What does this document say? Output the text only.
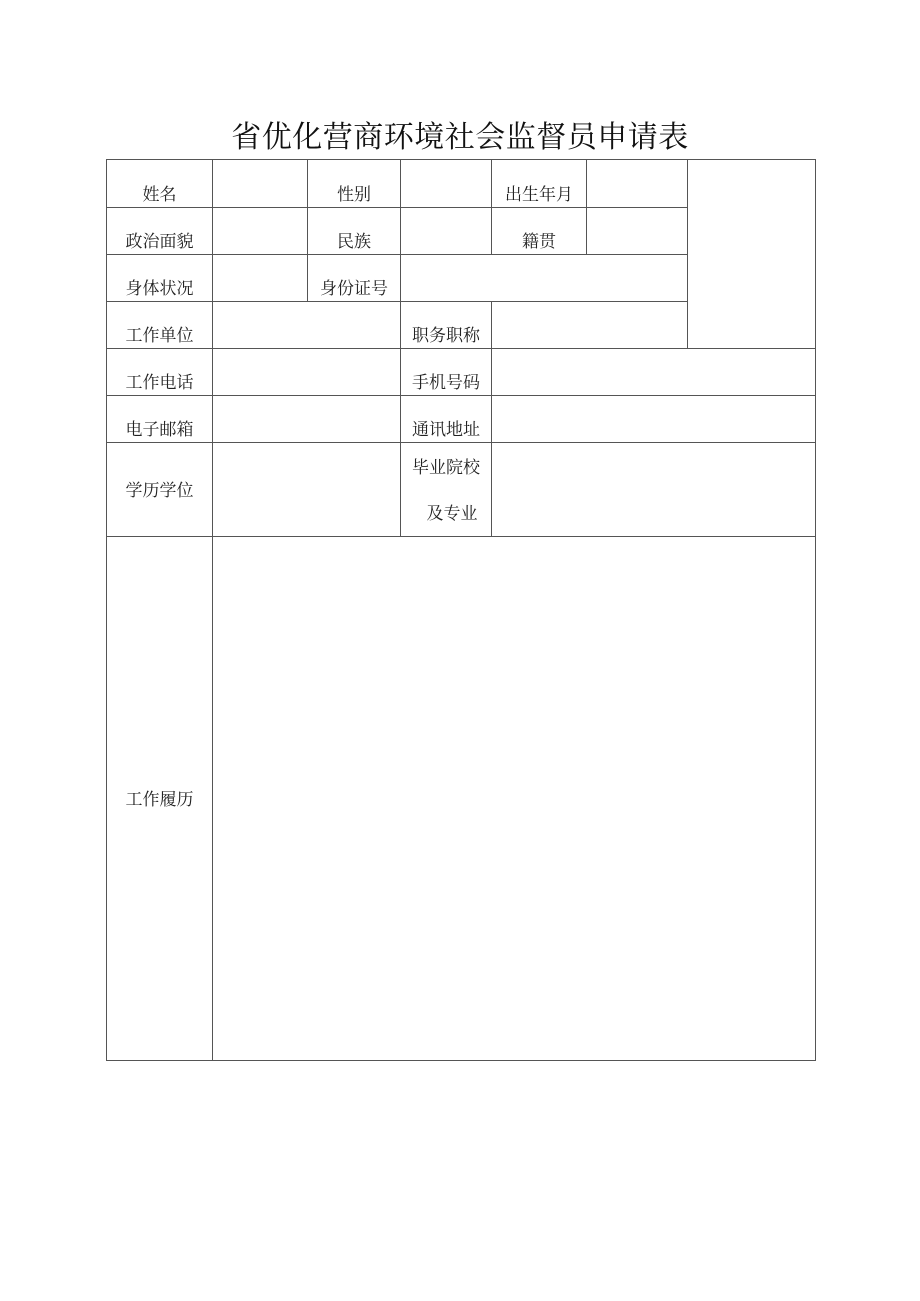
省优化营商环境社会监督员申请表
姓名		性别		出生年月		
政治面貌		民族		籍贯		
身体状况		身份证号				
工作单位			职务职称			
工作电话			手机号码			
电子邮箱			通讯地址			
学历学位			毕业院校
及专业			

工作履历						
